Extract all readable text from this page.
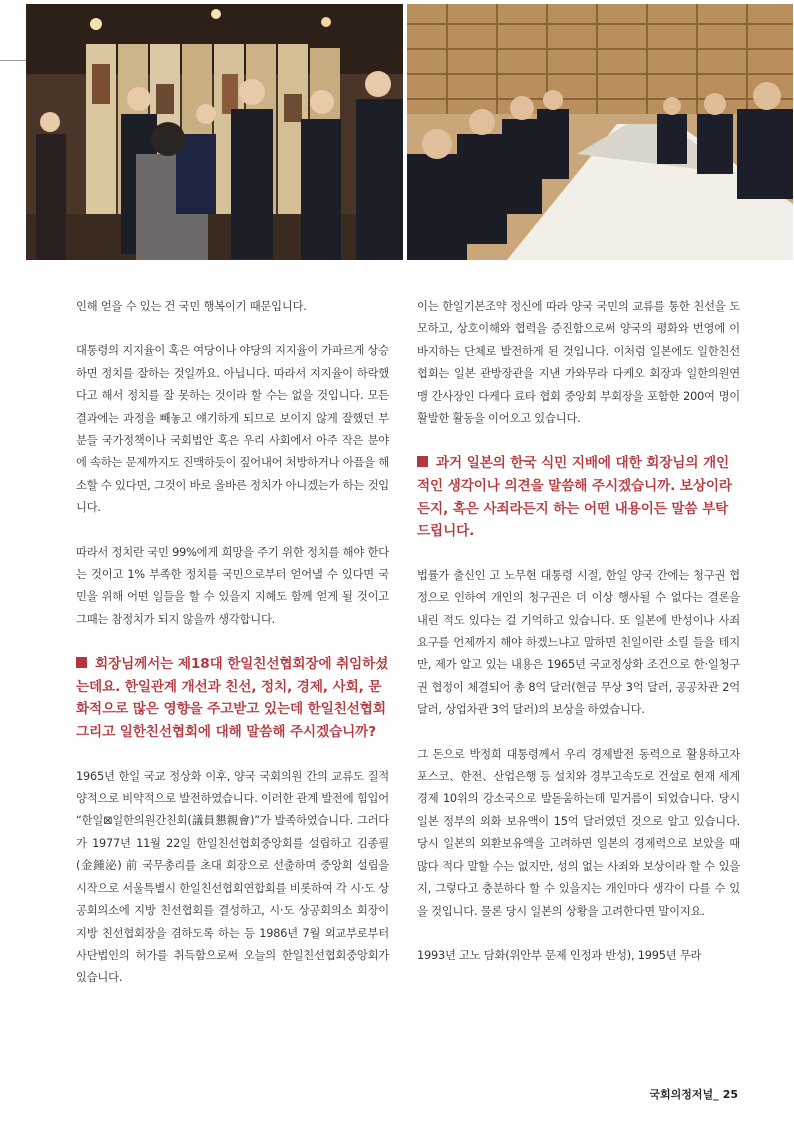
인해 얻을 수 있는 건 국민 행복이기 때문입니다.

대통령의 지지율이 혹은 여당이나 야당의 지지율이 가파르게 상승하면 정치를 잘하는 것일까요. 아닙니다. 따라서 지지율이 하락했다고 해서 정치를 잘 못하는 것이라 할 수는 없을 것입니다. 모든 결과에는 과정을 빼놓고 얘기하게 되므로 보이지 않게 잘했던 부분들 국가정책이나 국회법안 혹은 우리 사회에서 아주 작은 분야에 속하는 문제까지도 진맥하듯이 짚어내어 처방하거나 아픔을 해소할 수 있다면, 그것이 바로 올바른 정치가 아니겠는가 하는 것입니다.

따라서 정치란 국민 99%에게 희망을 주기 위한 정치를 해야 한다는 것이고 1% 부족한 정치를 국민으로부터 얻어낼 수 있다면 국민을 위해 어떤 일들을 할 수 있을지 지혜도 함께 얻게 될 것이고 그때는 참정치가 되지 않을까 생각합니다.

회장님께서는 제18대 한일친선협회장에 취임하셨는데요. 한일관계 개선과 친선, 정치, 경제, 사회, 문화적으로 많은 영향을 주고받고 있는데 한일친선협회 그리고 일한친선협회에 대해 말씀해 주시겠습니까?

1965년 한일 국교 정상화 이후, 양국 국회의원 간의 교류도 질적 양적으로 비약적으로 발전하였습니다. 이러한 관계 발전에 힘입어 “한일⊠일한의원간친회(議員懇親會)”가 발족하였습니다. 그러다가 1977년 11월 22일 한일친선협회중앙회를 설립하고 김종필(金鍾泌) 前 국무총리를 초대 회장으로 선출하며 중앙회 설립을 시작으로 서울특별시 한일친선협회연합회를 비롯하여 각 시·도 상공회의소에 지방 친선협회를 결성하고, 시·도 상공회의소 회장이 지방 친선협회장을 겸하도록 하는 등 1986년 7월 외교부로부터 사단법인의 허가를 취득함으로써 오늘의 한일친선협회중앙회가 있습니다.

이는 한일기본조약 정신에 따라 양국 국민의 교류를 통한 친선을 도모하고, 상호이해와 협력을 증진함으로써 양국의 평화와 번영에 이바지하는 단체로 발전하게 된 것입니다. 이처럼 일본에도 일한친선협회는 일본 관방장관을 지낸 가와무라 다케오 회장과 일한의원연맹 간사장인 다케다 료타 협회 중앙회 부회장을 포함한 200여 명이 활발한 활동을 이어오고 있습니다.

과거 일본의 한국 식민 지배에 대한 회장님의 개인적인 생각이나 의견을 말씀해 주시겠습니까. 보상이라든지, 혹은 사죄라든지 하는 어떤 내용이든 말씀 부탁드립니다.

법률가 출신인 고 노무현 대통령 시절, 한일 양국 간에는 청구권 협정으로 인하여 개인의 청구권은 더 이상 행사될 수 없다는 결론을 내린 적도 있다는 걸 기억하고 있습니다. 또 일본에 반성이나 사죄 요구를 언제까지 해야 하겠느냐고 말하면 친일이란 소릴 들을 테지만, 제가 알고 있는 내용은 1965년 국교정상화 조건으로 한·일청구권 협정이 체결되어 총 8억 달러(현금 무상 3억 달러, 공공차관 2억 달러, 상업차관 3억 달러)의 보상을 하였습니다.

그 돈으로 박정희 대통령께서 우리 경제발전 동력으로 활용하고자 포스코、한전、산업은행 등 설치와 경부고속도로 건설로 현재 세계 경제 10위의 강소국으로 발돋움하는데 밑거름이 되었습니다. 당시 일본 정부의 외화 보유액이 15억 달러였던 것으로 알고 있습니다. 당시 일본의 외환보유액을 고려하면 일본의 경제력으로 보았을 때 많다 적다 말할 수는 없지만, 성의 없는 사죄와 보상이라 할 수 있을지, 그렇다고 충분하다 할 수 있을지는 개인마다 생각이 다를 수 있을 것입니다. 물론 당시 일본의 상황을 고려한다면 말이지요.

1993년 고노 담화(위안부 문제 인정과 반성), 1995년 무라

국회의정저널_ 25
